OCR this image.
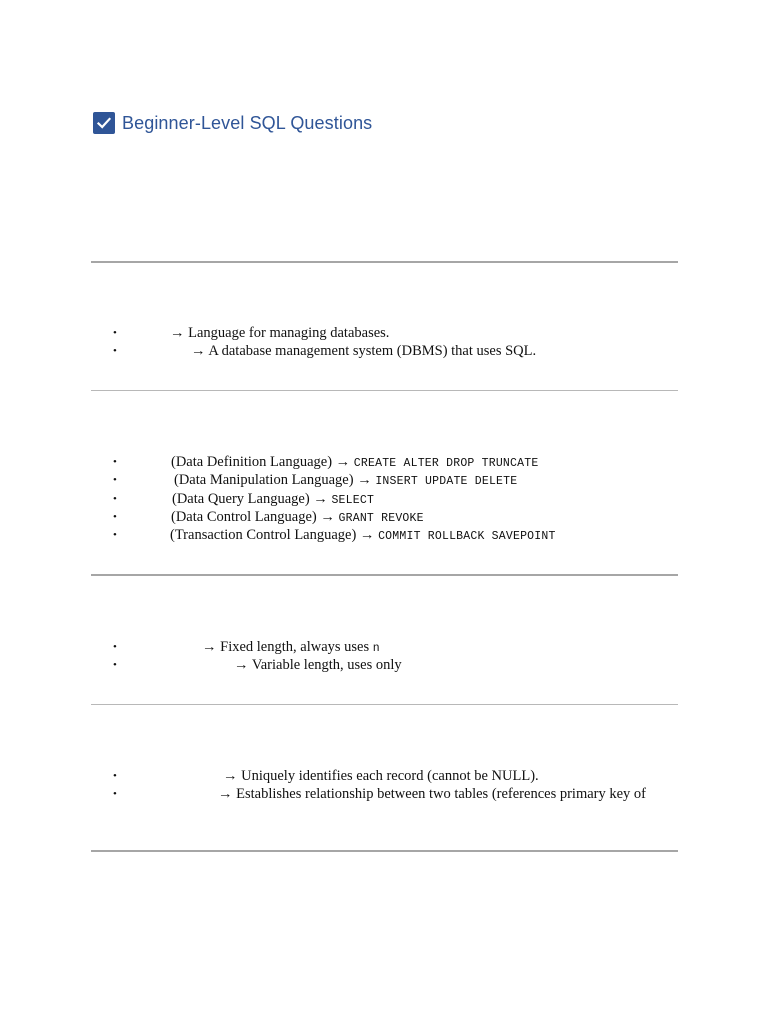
Beginner-Level SQL Questions
•	→ Language for managing databases.
•	→ A database management system (DBMS) that uses SQL.
•	(Data Definition Language) → CREATE ALTER DROP TRUNCATE
•	(Data Manipulation Language) → INSERT UPDATE DELETE
•	(Data Query Language) → SELECT
•	(Data Control Language) → GRANT REVOKE
•	(Transaction Control Language) → COMMIT ROLLBACK SAVEPOINT
•	→ Fixed length, always uses n
•	→ Variable length, uses only
•	→ Uniquely identifies each record (cannot be NULL).
•	→ Establishes relationship between two tables (references primary key of
